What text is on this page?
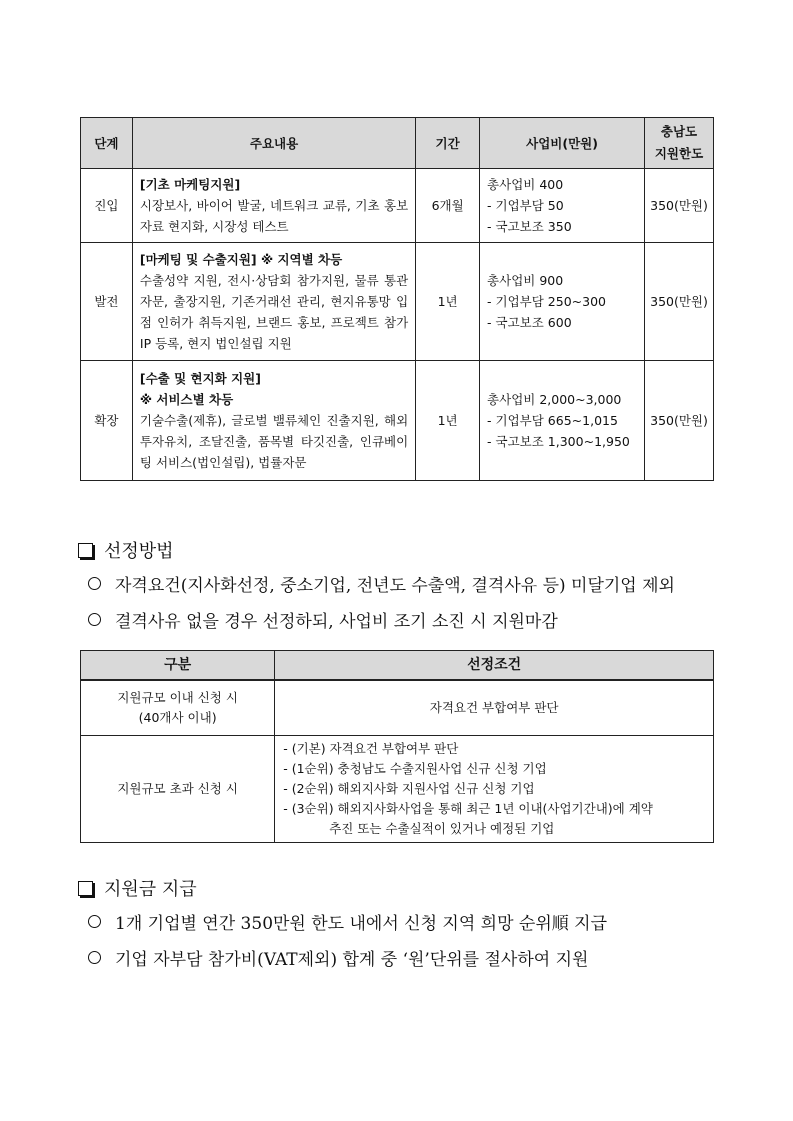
단계	주요내용	기간	사업비(만원)	충남도
지원한도

진입	[기초 마케팅지원]
시장보사, 바이어 발굴, 네트워크 교류, 기초 홍보자료 현지화, 시장성 테스트	6개월	총사업비 400
- 기업부담 50
- 국고보조 350	350(만원)
발전	[마케팅 및 수출지원] ※ 지역별 차등
수출성약 지원, 전시·상담회 참가지원, 물류 통관자문, 출장지원, 기존거래선 관리, 현지유통망 입점 인허가 취득지원, 브랜드 홍보, 프로젝트 참가 IP 등록, 현지 법인설립 지원	1년	총사업비 900
- 기업부담 250~300
- 국고보조 600	350(만원)
확장	[수출 및 현지화 지원]
※ 서비스별 차등
기술수출(제휴), 글로벌 밸류체인 진출지원, 해외투자유치, 조달진출, 품목별 타깃진출, 인큐베이팅 서비스(법인설립), 법률자문	1년	총사업비 2,000~3,000
- 기업부담 665~1,015
- 국고보조 1,300~1,950	350(만원)
선정방법
자격요건(지사화선정, 중소기업, 전년도 수출액, 결격사유 등) 미달기업 제외
결격사유 없을 경우 선정하되, 사업비 조기 소진 시 지원마감
구분	선정조건

지원규모 이내 신청 시
(40개사 이내)	자격요건 부합여부 판단
지원규모 초과 신청 시	- (기본) 자격요건 부합여부 판단
- (1순위) 충청남도 수출지원사업 신규 신청 기업
- (2순위) 해외지사화 지원사업 신규 신청 기업
- (3순위) 해외지사화사업을 통해 최근 1년 이내(사업기간내)에 계약
추진 또는 수출실적이 있거나 예정된 기업
지원금 지급
1개 기업별 연간 350만원 한도 내에서 신청 지역 희망 순위順 지급
기업 자부담 참가비(VAT제외) 합계 중 ‘원’단위를 절사하여 지원
